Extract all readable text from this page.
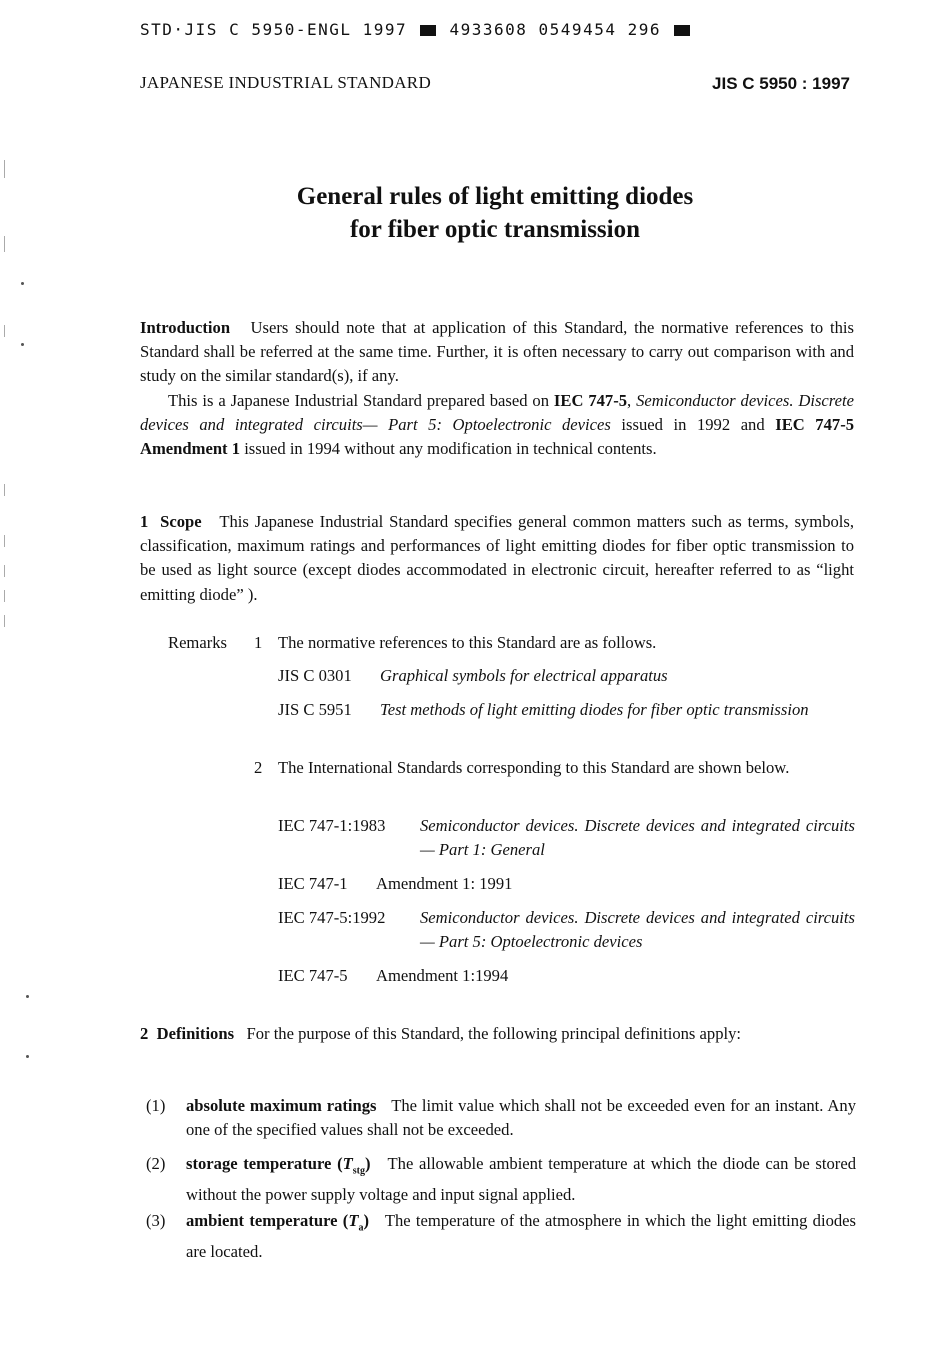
STD·JIS C 5950-ENGL 1997	4933608 0549454 296
JAPANESE INDUSTRIAL STANDARD	JIS C 5950 : 1997
General rules of light emitting diodes
for fiber optic transmission
Introduction Users should note that at application of this Standard, the normative references to this Standard shall be referred at the same time. Further, it is often necessary to carry out comparison with and study on the similar standard(s), if any.
This is a Japanese Industrial Standard prepared based on IEC 747-5, Semiconductor devices. Discrete devices and integrated circuits— Part 5: Optoelectronic devices issued in 1992 and IEC 747-5 Amendment 1 issued in 1994 without any modification in technical contents.
1 Scope This Japanese Industrial Standard specifies general common matters such as terms, symbols, classification, maximum ratings and performances of light emitting diodes for fiber optic transmission to be used as light source (except diodes accommodated in electronic circuit, hereafter referred to as “light emitting diode” ).
Remarks 1 The normative references to this Standard are as follows.
JIS C 0301 Graphical symbols for electrical apparatus
JIS C 5951 Test methods of light emitting diodes for fiber optic transmission
2 The International Standards corresponding to this Standard are shown below.
IEC 747-1:1983 Semiconductor devices. Discrete devices and integrated circuits— Part 1: General
IEC 747-1 Amendment 1: 1991
IEC 747-5:1992 Semiconductor devices. Discrete devices and integrated circuits— Part 5: Optoelectronic devices
IEC 747-5 Amendment 1:1994
2 Definitions For the purpose of this Standard, the following principal definitions apply:
(1) absolute maximum ratings The limit value which shall not be exceeded even for an instant. Any one of the specified values shall not be exceeded.
(2) storage temperature $(T_{stg})$ The allowable ambient temperature at which the diode can be stored without the power supply voltage and input signal applied.
(3) ambient temperature $(T_a)$ The temperature of the atmosphere in which the light emitting diodes are located.
